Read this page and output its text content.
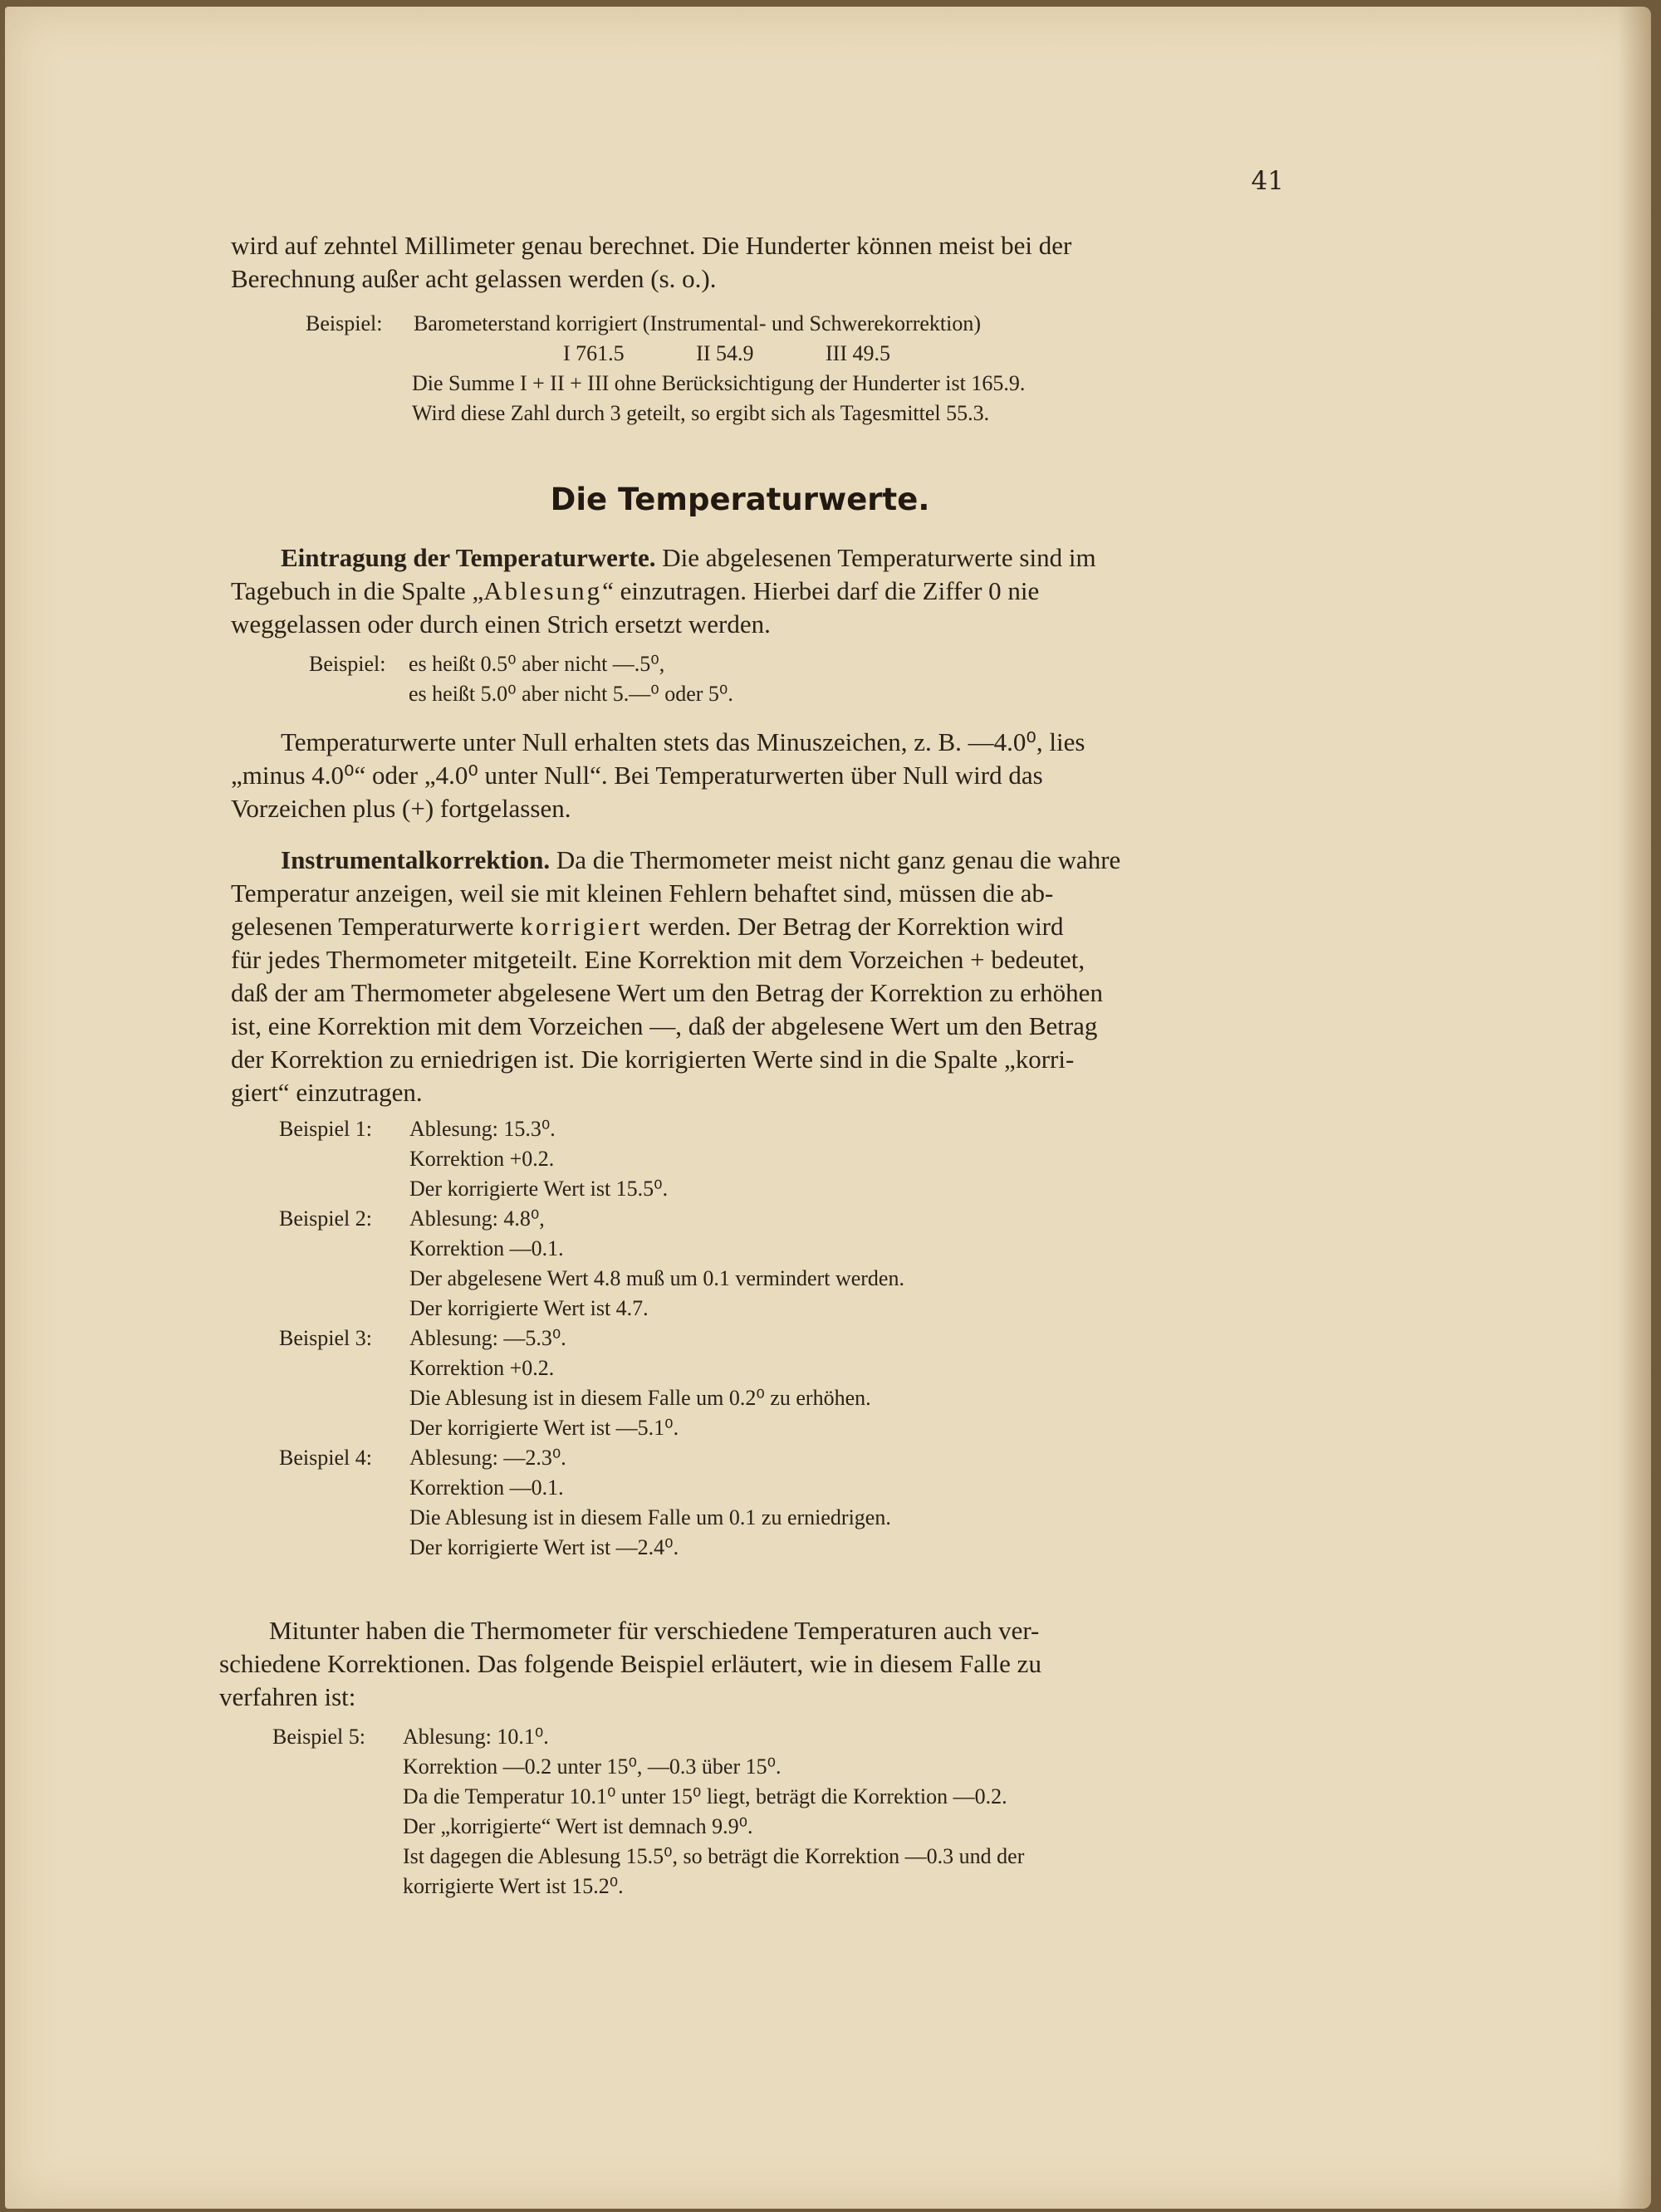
41

wird auf zehntel Millimeter genau berechnet. Die Hunderter können meist bei der

Berechnung außer acht gelassen werden (s. o.).

Beispiel:	Barometerstand korrigiert (Instrumental- und Schwerekorrektion)
I 761.5	II 54.9	III 49.5
Die Summe I + II + III ohne Berücksichtigung der Hunderter ist 165.9.
Wird diese Zahl durch 3 geteilt, so ergibt sich als Tagesmittel 55.3.
Die Temperaturwerte.

Eintragung der Temperaturwerte. Die abgelesenen Temperaturwerte sind im

Tagebuch in die Spalte „Ablesung“ einzutragen. Hierbei darf die Ziffer 0 nie

weggelassen oder durch einen Strich ersetzt werden.

Beispiel:	es heißt 0.5⁰ aber nicht —.5⁰,
es heißt 5.0⁰ aber nicht 5.—⁰ oder 5⁰.

Temperaturwerte unter Null erhalten stets das Minuszeichen, z. B. —4.0⁰, lies

„minus 4.0⁰“ oder „4.0⁰ unter Null“. Bei Temperaturwerten über Null wird das

Vorzeichen plus (+) fortgelassen.

Instrumentalkorrektion. Da die Thermometer meist nicht ganz genau die wahre

Temperatur anzeigen, weil sie mit kleinen Fehlern behaftet sind, müssen die ab-

gelesenen Temperaturwerte korrigiert werden. Der Betrag der Korrektion wird

für jedes Thermometer mitgeteilt. Eine Korrektion mit dem Vorzeichen + bedeutet,

daß der am Thermometer abgelesene Wert um den Betrag der Korrektion zu erhöhen

ist, eine Korrektion mit dem Vorzeichen —, daß der abgelesene Wert um den Betrag

der Korrektion zu erniedrigen ist. Die korrigierten Werte sind in die Spalte „korri-

giert“ einzutragen.

Beispiel 1:	Ablesung: 15.3⁰.
Korrektion +0.2.
Der korrigierte Wert ist 15.5⁰.
Beispiel 2:	Ablesung: 4.8⁰,
Korrektion —0.1.
Der abgelesene Wert 4.8 muß um 0.1 vermindert werden.
Der korrigierte Wert ist 4.7.
Beispiel 3:	Ablesung: —5.3⁰.
Korrektion +0.2.
Die Ablesung ist in diesem Falle um 0.2⁰ zu erhöhen.
Der korrigierte Wert ist —5.1⁰.
Beispiel 4:	Ablesung: —2.3⁰.
Korrektion —0.1.
Die Ablesung ist in diesem Falle um 0.1 zu erniedrigen.
Der korrigierte Wert ist —2.4⁰.

Mitunter haben die Thermometer für verschiedene Temperaturen auch ver-

schiedene Korrektionen. Das folgende Beispiel erläutert, wie in diesem Falle zu

verfahren ist:

Beispiel 5:	Ablesung: 10.1⁰.
Korrektion —0.2 unter 15⁰, —0.3 über 15⁰.
Da die Temperatur 10.1⁰ unter 15⁰ liegt, beträgt die Korrektion —0.2.
Der „korrigierte“ Wert ist demnach 9.9⁰.
Ist dagegen die Ablesung 15.5⁰, so beträgt die Korrektion —0.3 und der
korrigierte Wert ist 15.2⁰.
